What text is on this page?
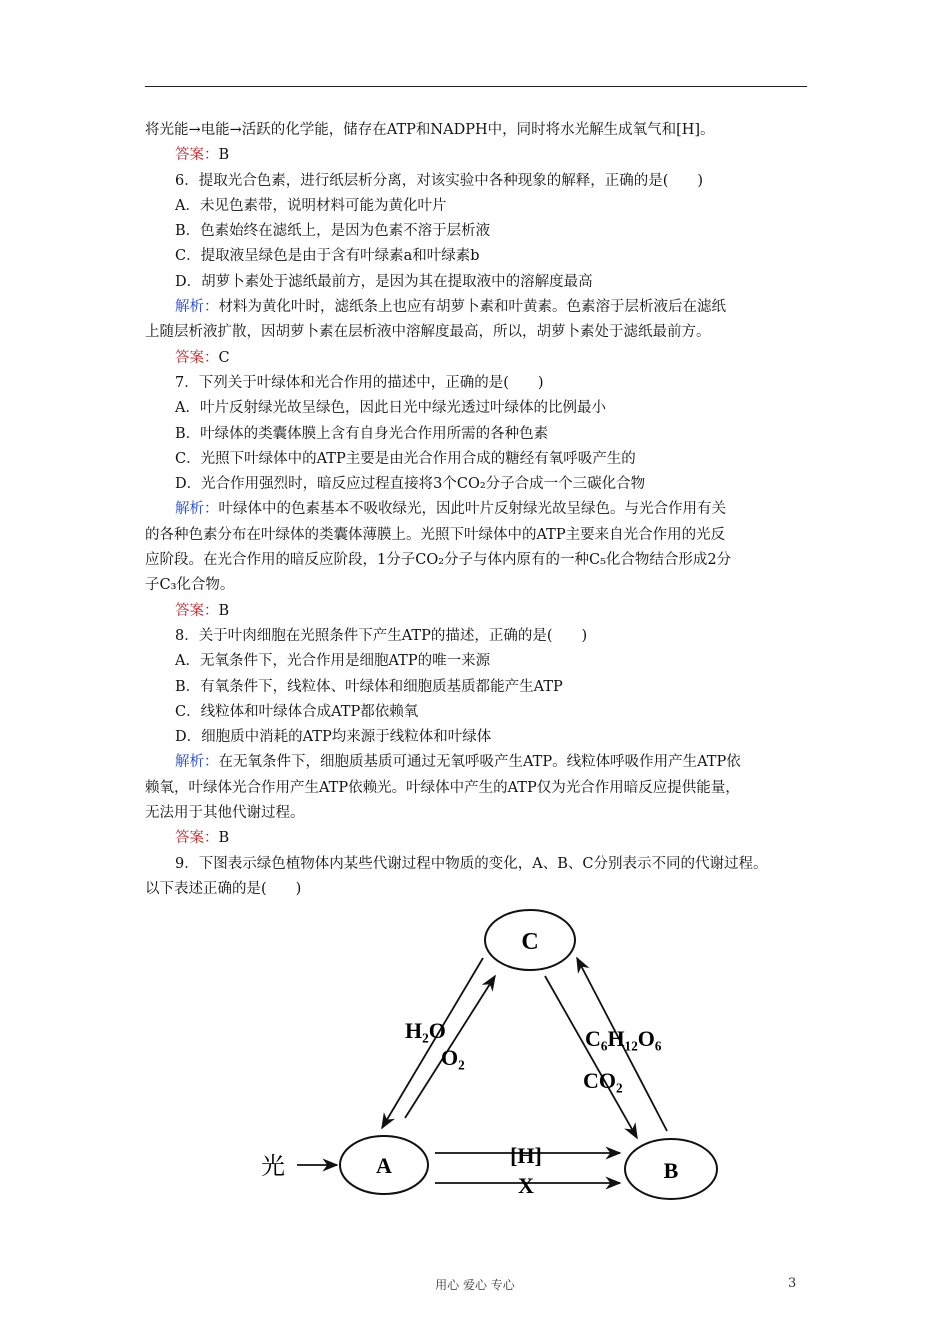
将光能→电能→活跃的化学能，储存在ATP和NADPH中，同时将水光解生成氧气和[H]。
答案：B
6．提取光合色素，进行纸层析分离，对该实验中各种现象的解释，正确的是(　　)
A．未见色素带，说明材料可能为黄化叶片
B．色素始终在滤纸上，是因为色素不溶于层析液
C．提取液呈绿色是由于含有叶绿素a和叶绿素b
D．胡萝卜素处于滤纸最前方，是因为其在提取液中的溶解度最高
解析：材料为黄化叶时，滤纸条上也应有胡萝卜素和叶黄素。色素溶于层析液后在滤纸
上随层析液扩散，因胡萝卜素在层析液中溶解度最高，所以，胡萝卜素处于滤纸最前方。
答案：C
7．下列关于叶绿体和光合作用的描述中，正确的是(　　)
A．叶片反射绿光故呈绿色，因此日光中绿光透过叶绿体的比例最小
B．叶绿体的类囊体膜上含有自身光合作用所需的各种色素
C．光照下叶绿体中的ATP主要是由光合作用合成的糖经有氧呼吸产生的
D．光合作用强烈时，暗反应过程直接将3个CO₂分子合成一个三碳化合物
解析：叶绿体中的色素基本不吸收绿光，因此叶片反射绿光故呈绿色。与光合作用有关
的各种色素分布在叶绿体的类囊体薄膜上。光照下叶绿体中的ATP主要来自光合作用的光反
应阶段。在光合作用的暗反应阶段，1分子CO₂分子与体内原有的一种C₅化合物结合形成2分
子C₃化合物。
答案：B
8．关于叶肉细胞在光照条件下产生ATP的描述，正确的是(　　)
A．无氧条件下，光合作用是细胞ATP的唯一来源
B．有氧条件下，线粒体、叶绿体和细胞质基质都能产生ATP
C．线粒体和叶绿体合成ATP都依赖氧
D．细胞质中消耗的ATP均来源于线粒体和叶绿体
解析：在无氧条件下，细胞质基质可通过无氧呼吸产生ATP。线粒体呼吸作用产生ATP依
赖氧，叶绿体光合作用产生ATP依赖光。叶绿体中产生的ATP仅为光合作用暗反应提供能量，
无法用于其他代谢过程。
答案：B
9．下图表示绿色植物体内某些代谢过程中物质的变化，A、B、C分别表示不同的代谢过程。
以下表述正确的是(　　)
C
A	B
光
H₂O
O₂
C₆H₁₂O₆
CO₂
[H]
X
用心 爱心 专心	3
